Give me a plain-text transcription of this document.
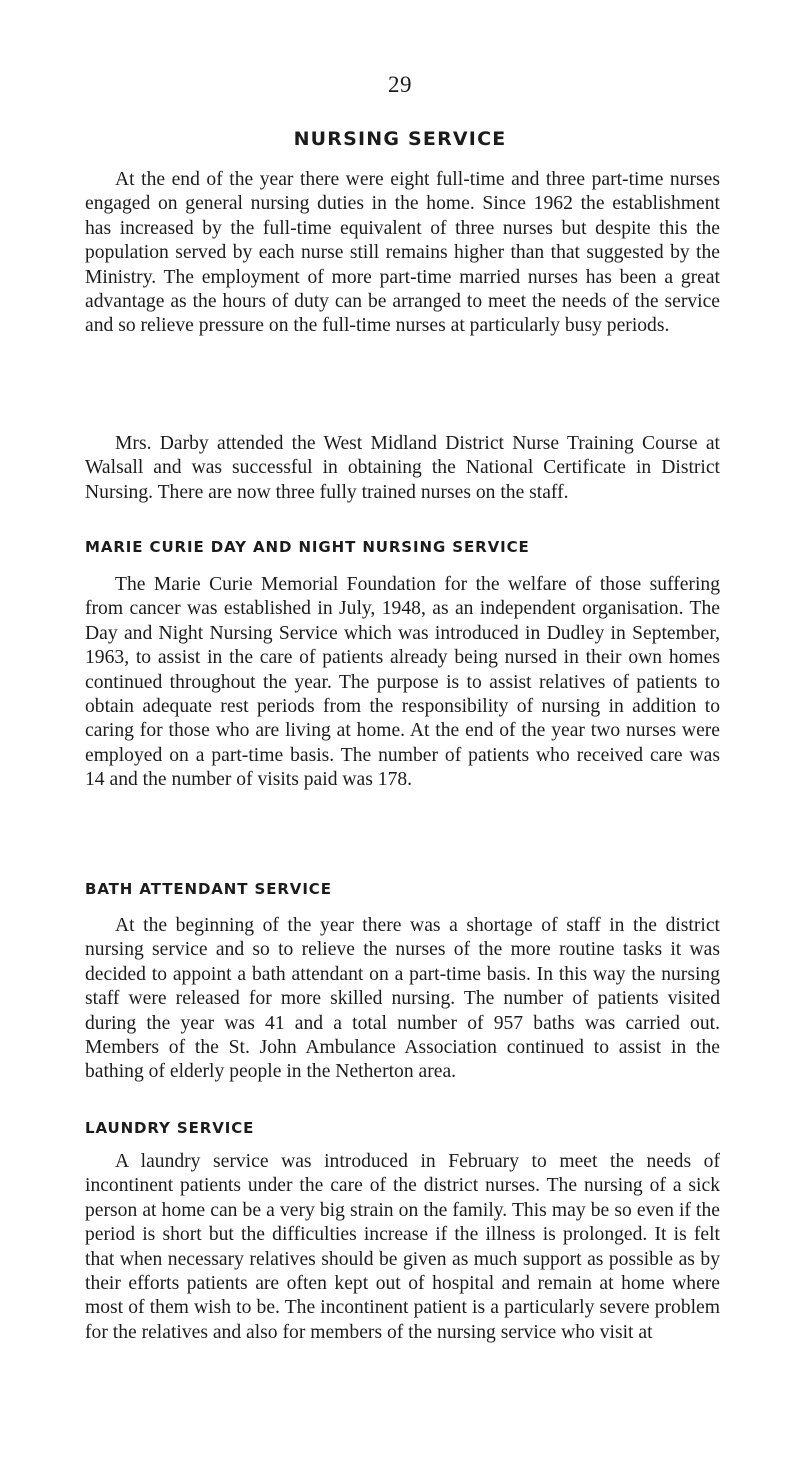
29
NURSING SERVICE

At the end of the year there were eight full-time and three part-time nurses engaged on general nursing duties in the home. Since 1962 the establishment has increased by the full-time equivalent of three nurses but despite this the population served by each nurse still remains higher than that suggested by the Ministry. The employment of more part-time married nurses has been a great advantage as the hours of duty can be arranged to meet the needs of the service and so relieve pressure on the full-time nurses at particularly busy periods.

Mrs. Darby attended the West Midland District Nurse Training Course at Walsall and was successful in obtaining the National Certificate in District Nursing. There are now three fully trained nurses on the staff.

MARIE CURIE DAY AND NIGHT NURSING SERVICE

The Marie Curie Memorial Foundation for the welfare of those suffering from cancer was established in July, 1948, as an independent organisation. The Day and Night Nursing Service which was introduced in Dudley in September, 1963, to assist in the care of patients already being nursed in their own homes continued throughout the year. The purpose is to assist relatives of patients to obtain adequate rest periods from the responsibility of nursing in addition to caring for those who are living at home. At the end of the year two nurses were employed on a part-time basis. The number of patients who received care was 14 and the number of visits paid was 178.

BATH ATTENDANT SERVICE

At the beginning of the year there was a shortage of staff in the district nursing service and so to relieve the nurses of the more routine tasks it was decided to appoint a bath attendant on a part-time basis. In this way the nursing staff were released for more skilled nursing. The number of patients visited during the year was 41 and a total number of 957 baths was carried out. Members of the St. John Ambulance Association continued to assist in the bathing of elderly people in the Netherton area.

LAUNDRY SERVICE

A laundry service was introduced in February to meet the needs of incontinent patients under the care of the district nurses. The nursing of a sick person at home can be a very big strain on the family. This may be so even if the period is short but the difficulties increase if the illness is prolonged. It is felt that when necessary relatives should be given as much support as possible as by their efforts patients are often kept out of hospital and remain at home where most of them wish to be. The incontinent patient is a particularly severe problem for the relatives and also for members of the nursing service who visit at
